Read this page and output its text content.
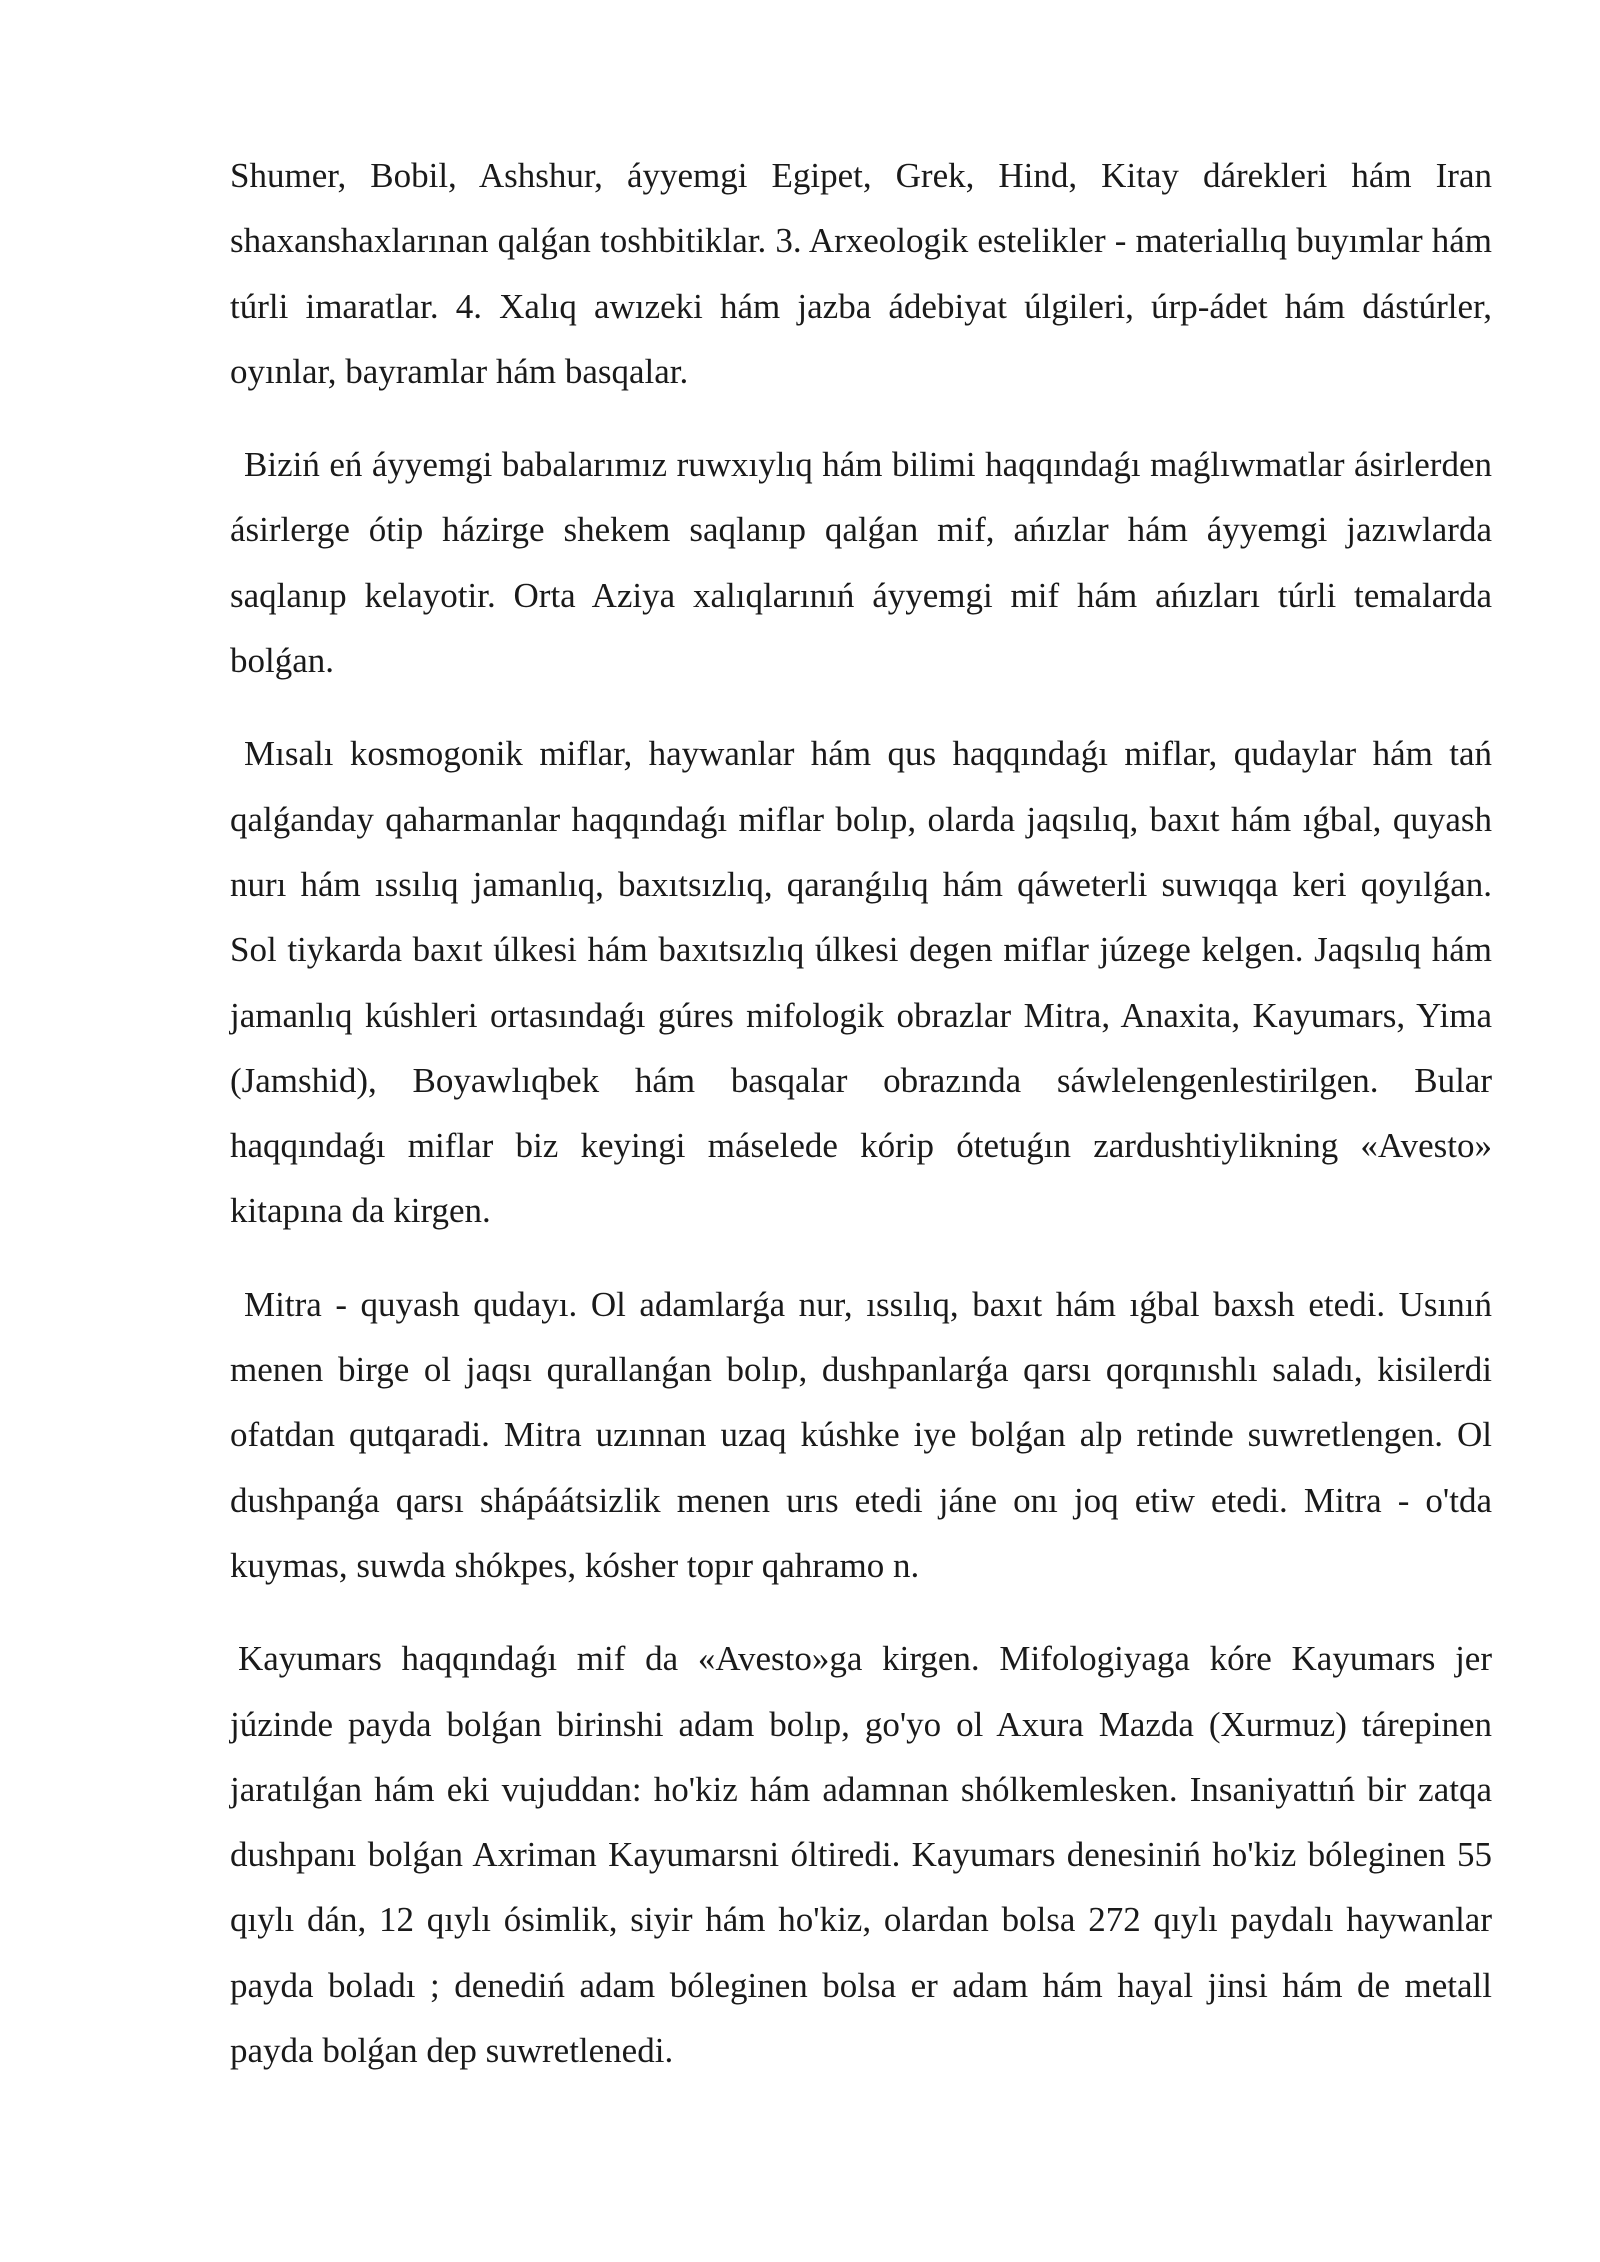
Shumer, Bobil, Ashshur, áyyemgi Egipet, Grek, Hind, Kitay dárekleri hám Iran shaxanshaxlarınan qalǵan toshbitiklar. 3. Arxeologik estelikler - materiallıq buyımlar hám túrli imaratlar. 4. Xalıq awızeki hám jazba ádebiyat úlgileri, úrp-ádet hám dástúrler, oyınlar, bayramlar hám basqalar.

Biziń eń áyyemgi babalarımız ruwxıylıq hám bilimi haqqındaǵı maǵlıwmatlar ásirlerden ásirlerge ótip házirge shekem saqlanıp qalǵan mif, ańızlar hám áyyemgi jazıwlarda saqlanıp kelayotir. Orta Aziya xalıqlarınıń áyyemgi mif hám ańızları túrli temalarda bolǵan.

Mısalı kosmogonik miflar, haywanlar hám qus haqqındaǵı miflar, qudaylar hám tań qalǵanday qaharmanlar haqqındaǵı miflar bolıp, olarda jaqsılıq, baxıt hám ıǵbal, quyash nurı hám ıssılıq jamanlıq, baxıtsızlıq, qaranǵılıq hám qáweterli suwıqqa keri qoyılǵan. Sol tiykarda baxıt úlkesi hám baxıtsızlıq úlkesi degen miflar júzege kelgen. Jaqsılıq hám jamanlıq kúshleri ortasındaǵı gúres mifologik obrazlar Mitra, Anaxita, Kayumars, Yima (Jamshid), Boyawlıqbek hám basqalar obrazında sáwlelengenlestirilgen. Bular haqqındaǵı miflar biz keyingi máselede kórip ótetuǵın zardushtiylikning «Avesto» kitapına da kirgen.

Mitra - quyash qudayı. Ol adamlarǵa nur, ıssılıq, baxıt hám ıǵbal baxsh etedi. Usınıń menen birge ol jaqsı qurallanǵan bolıp, dushpanlarǵa qarsı qorqınıshlı saladı, kisilerdi ofatdan qutqaradi. Mitra uzınnan uzaq kúshke iye bolǵan alp retinde suwretlengen. Ol dushpanǵa qarsı shápáátsizlik menen urıs etedi jáne onı joq etiw etedi. Mitra - o'tda kuymas, suwda shókpes, kósher topır qahramo n.

Kayumars haqqındaǵı mif da «Avesto»ga kirgen. Mifologiyaga kóre Kayumars jer júzinde payda bolǵan birinshi adam bolıp, go'yo ol Axura Mazda (Xurmuz) tárepinen jaratılǵan hám eki vujuddan: ho'kiz hám adamnan shólkemlesken. Insaniyattıń bir zatqa dushpanı bolǵan Axriman Kayumarsni óltiredi. Kayumars denesiniń ho'kiz bóleginen 55 qıylı dán, 12 qıylı ósimlik, siyir hám ho'kiz, olardan bolsa 272 qıylı paydalı haywanlar payda boladı ; denediń adam bóleginen bolsa er adam hám hayal jinsi hám de metall payda bolǵan dep suwretlenedi.
